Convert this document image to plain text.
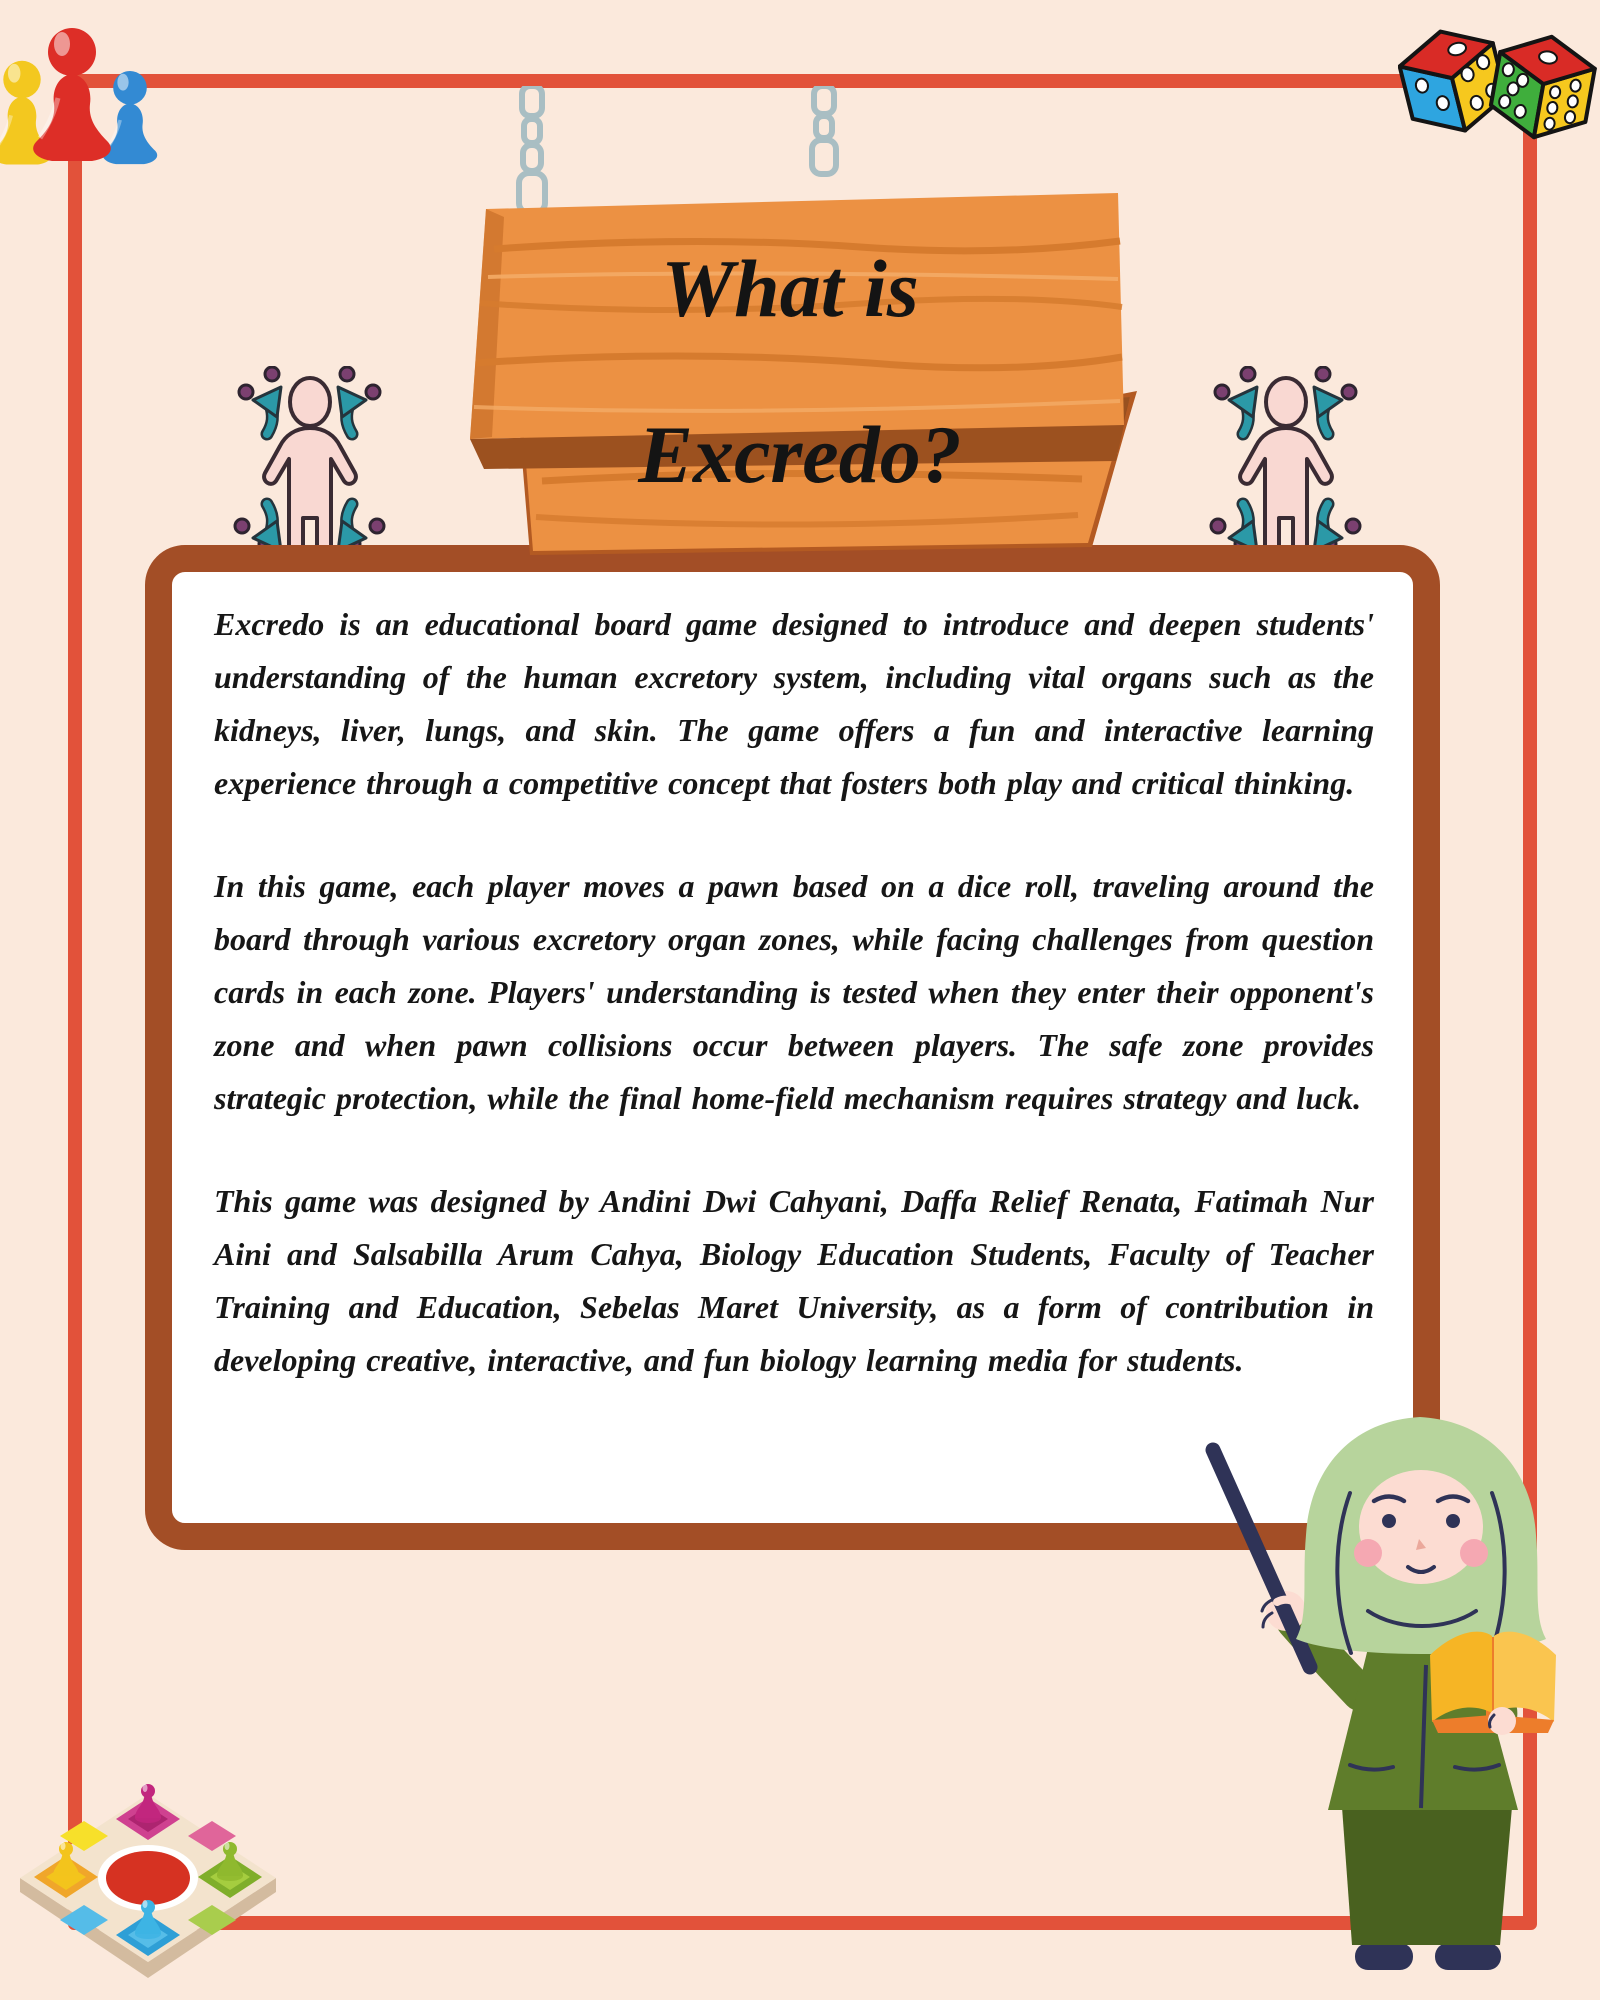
What is
Excredo?

Excredo is an educational board game designed to introduce and deepen students' understanding of the human excretory system, including vital organs such as the kidneys, liver, lungs, and skin. The game offers a fun and interactive learning experience through a competitive concept that fosters both play and critical thinking.

In this game, each player moves a pawn based on a dice roll, traveling around the board through various excretory organ zones, while facing challenges from question cards in each zone. Players' understanding is tested when they enter their opponent's zone and when pawn collisions occur between players. The safe zone provides strategic protection, while the final home-field mechanism requires strategy and luck.

This game was designed by Andini Dwi Cahyani, Daffa Relief Renata, Fatimah Nur Aini and Salsabilla Arum Cahya, Biology Education Students, Faculty of Teacher Training and Education, Sebelas Maret University, as a form of contribution in developing creative, interactive, and fun biology learning media for students.
